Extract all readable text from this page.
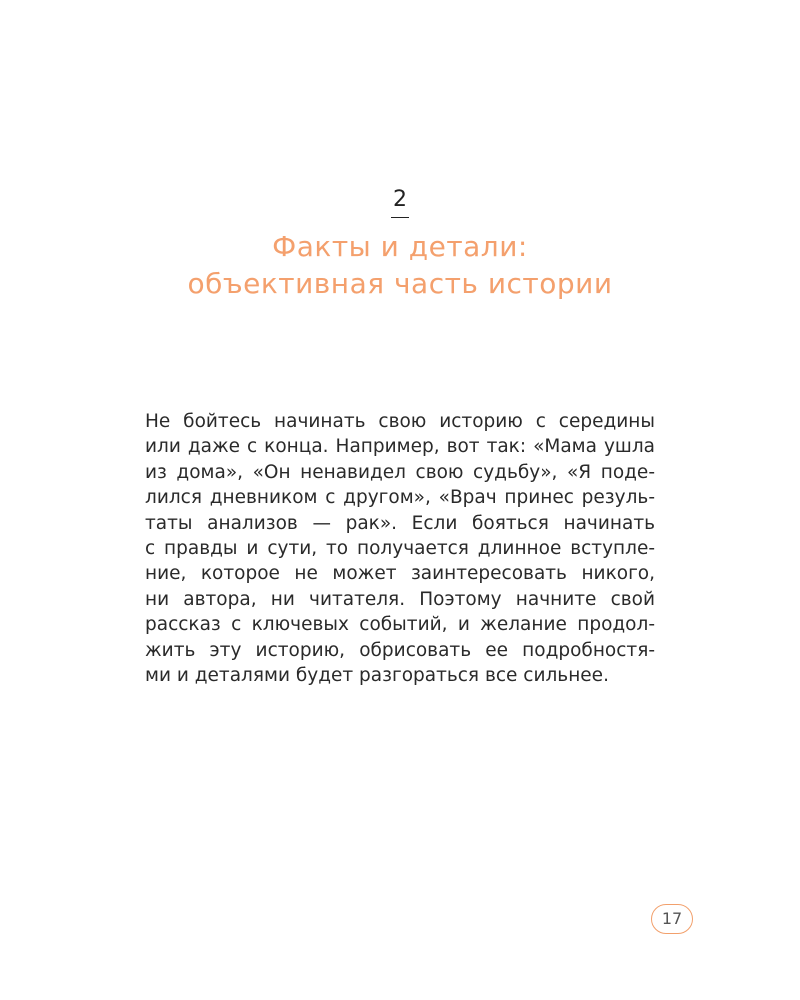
2
Факты и детали:
объективная часть истории
Не бойтесь начинать свою историю с середины
или даже с конца. Например, вот так: «Мама ушла
из дома», «Он ненавидел свою судьбу», «Я поде-
лился дневником с другом», «Врач принес резуль-
таты анализов — рак». Если бояться начинать
с правды и сути, то получается длинное вступле-
ние, которое не может заинтересовать никого,
ни автора, ни читателя. Поэтому начните свой
рассказ с ключевых событий, и желание продол-
жить эту историю, обрисовать ее подробностя-
ми и деталями будет разгораться все сильнее.
17
